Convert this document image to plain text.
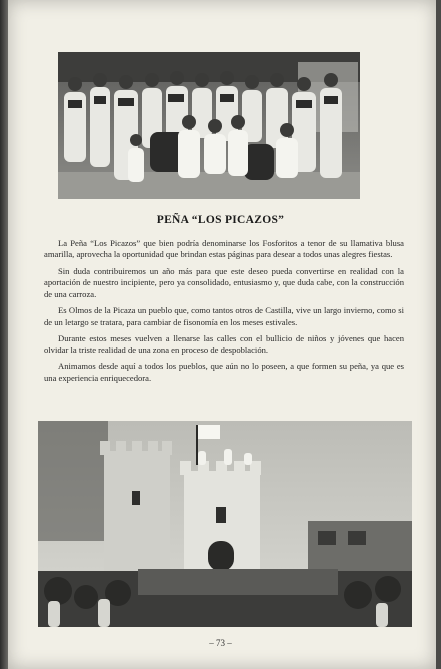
PEÑA “LOS PICAZOS”

La Peña “Los Picazos” que bien podría denominarse los Fosforitos a tenor de su llamativa blusa amarilla, aprovecha la oportunidad que brindan estas páginas para desear a todos unas alegres fiestas.

Sin duda contribuiremos un año más para que este deseo pueda convertirse en realidad con la aportación de nuestro incipiente, pero ya consolidado, entusiasmo y, que duda cabe, con la construcción de una carroza.

Es Olmos de la Picaza un pueblo que, como tantos otros de Castilla, vive un largo invierno, como si de un letargo se tratara, para cambiar de fisonomía en los meses estivales.

Durante estos meses vuelven a llenarse las calles con el bullicio de niños y jóvenes que hacen olvidar la triste realidad de una zona en proceso de despoblación.

Animamos desde aquí a todos los pueblos, que aún no lo poseen, a que formen su peña, ya que es una experiencia enriquecedora.

– 73 –
